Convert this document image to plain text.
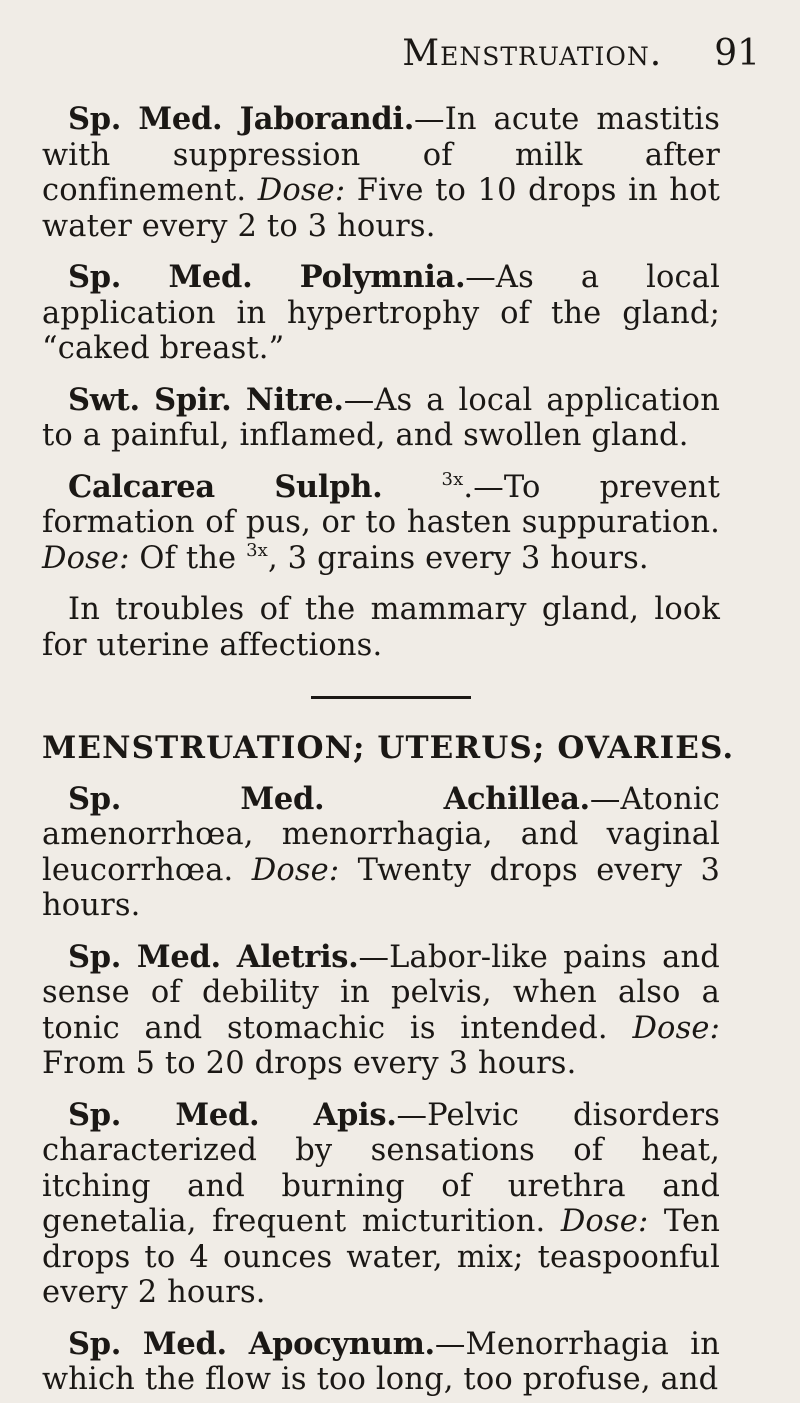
Menstruation. 91

Sp. Med. Jaborandi.—In acute mastitis with suppression of milk after confinement. Dose: Five to 10 drops in hot water every 2 to 3 hours.

Sp. Med. Polymnia.—As a local application in hypertrophy of the gland; “caked breast.”

Swt. Spir. Nitre.—As a local application to a painful, inflamed, and swollen gland.

Calcarea Sulph.	$^{3x}$.—To prevent formation of pus, or to hasten suppuration. Dose: Of the $^{3x}$, 3 grains every 3 hours.

In troubles of the mammary gland, look for uterine affections.

MENSTRUATION; UTERUS; OVARIES.

Sp. Med. Achillea.—Atonic amenorrhœa, menorrhagia, and vaginal leucorrhœa. Dose: Twenty drops every 3 hours.

Sp. Med. Aletris.—Labor-like pains and sense of debility in pelvis, when also a tonic and stomachic is intended. Dose: From 5 to 20 drops every 3 hours.

Sp. Med. Apis.—Pelvic disorders characterized by sensations of heat, itching and burning of urethra and genetalia, frequent micturition. Dose: Ten drops to 4 ounces water, mix; teaspoonful every 2 hours.

Sp. Med. Apocynum.—Menorrhagia in which the flow is too long, too profuse, and
